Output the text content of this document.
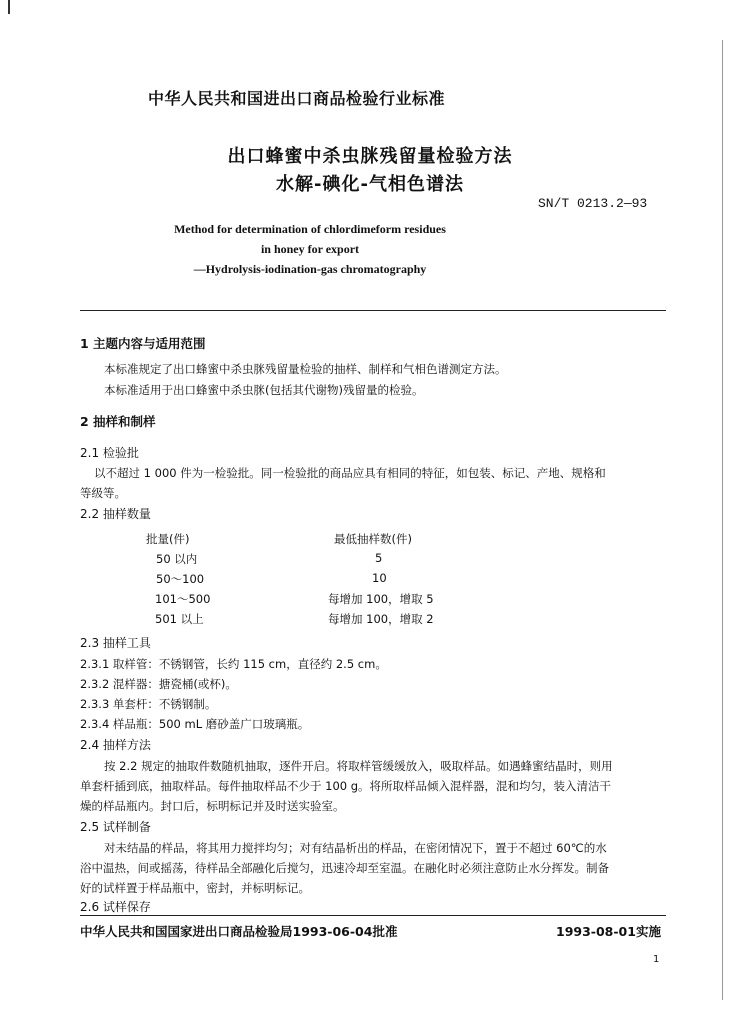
中华人民共和国进出口商品检验行业标准
出口蜂蜜中杀虫脒残留量检验方法
水解-碘化-气相色谱法
SN/T 0213.2—93
Method for determination of chlordimeform residues
in honey for export
—Hydrolysis-iodination-gas chromatography
1 主题内容与适用范围
本标准规定了出口蜂蜜中杀虫脒残留量检验的抽样、制样和气相色谱测定方法。
本标准适用于出口蜂蜜中杀虫脒(包括其代谢物)残留量的检验。
2 抽样和制样
2.1 检验批
以不超过 1 000 件为一检验批。同一检验批的商品应具有相同的特征，如包装、标记、产地、规格和
等级等。
2.2 抽样数量
批量(件)	最低抽样数(件)
50 以内	5
50～100	10
101～500	每增加 100，增取 5
501 以上	每增加 100，增取 2
2.3 抽样工具
2.3.1 取样管：不锈钢管，长约 115 cm，直径约 2.5 cm。
2.3.2 混样器：搪瓷桶(或杯)。
2.3.3 单套杆：不锈钢制。
2.3.4 样品瓶：500 mL 磨砂盖广口玻璃瓶。
2.4 抽样方法
按 2.2 规定的抽取件数随机抽取，逐件开启。将取样管缓缓放入，吸取样品。如遇蜂蜜结晶时，则用
单套杆插到底，抽取样品。每件抽取样品不少于 100 g。将所取样品倾入混样器，混和均匀，装入清洁干
燥的样品瓶内。封口后，标明标记并及时送实验室。
2.5 试样制备
对未结晶的样品，将其用力搅拌均匀；对有结晶析出的样品，在密闭情况下，置于不超过 60℃的水
浴中温热，间或摇荡，待样品全部融化后搅匀，迅速冷却至室温。在融化时必须注意防止水分挥发。制备
好的试样置于样品瓶中，密封，并标明标记。
2.6 试样保存
中华人民共和国国家进出口商品检验局1993-06-04批准	1993-08-01实施
1
